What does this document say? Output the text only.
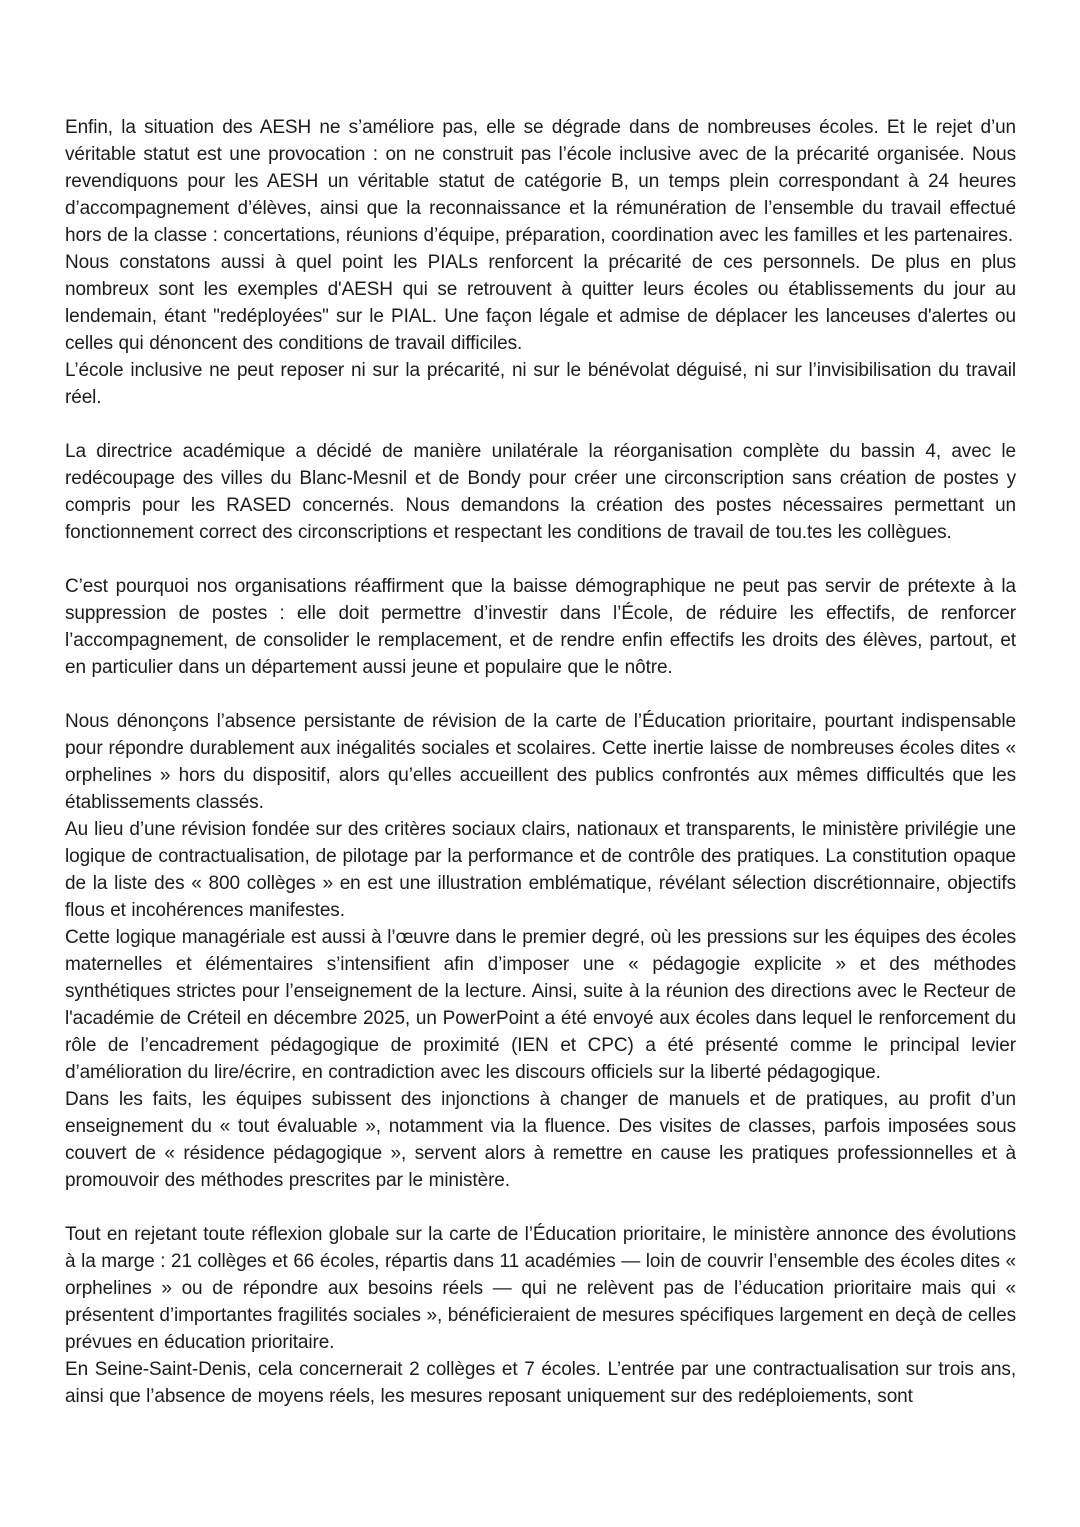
Enfin, la situation des AESH ne s’améliore pas, elle se dégrade dans de nombreuses écoles. Et le rejet d’un véritable statut est une provocation : on ne construit pas l’école inclusive avec de la précarité organisée. Nous revendiquons pour les AESH un véritable statut de catégorie B, un temps plein correspondant à 24 heures d’accompagnement d’élèves, ainsi que la reconnaissance et la rémunération de l’ensemble du travail effectué hors de la classe : concertations, réunions d’équipe, préparation, coordination avec les familles et les partenaires.

Nous constatons aussi à quel point les PIALs renforcent la précarité de ces personnels. De plus en plus nombreux sont les exemples d'AESH qui se retrouvent à quitter leurs écoles ou établissements du jour au lendemain, étant "redéployées" sur le PIAL. Une façon légale et admise de déplacer les lanceuses d'alertes ou celles qui dénoncent des conditions de travail difficiles.

L’école inclusive ne peut reposer ni sur la précarité, ni sur le bénévolat déguisé, ni sur l’invisibilisation du travail réel.

La directrice académique a décidé de manière unilatérale la réorganisation complète du bassin 4, avec le redécoupage des villes du Blanc-Mesnil et de Bondy pour créer une circonscription sans création de postes y compris pour les RASED concernés. Nous demandons la création des postes nécessaires permettant un fonctionnement correct des circonscriptions et respectant les conditions de travail de tou.tes les collègues.

C’est pourquoi nos organisations réaffirment que la baisse démographique ne peut pas servir de prétexte à la suppression de postes : elle doit permettre d’investir dans l’École, de réduire les effectifs, de renforcer l’accompagnement, de consolider le remplacement, et de rendre enfin effectifs les droits des élèves, partout, et en particulier dans un département aussi jeune et populaire que le nôtre.

Nous dénonçons l’absence persistante de révision de la carte de l’Éducation prioritaire, pourtant indispensable pour répondre durablement aux inégalités sociales et scolaires. Cette inertie laisse de nombreuses écoles dites « orphelines » hors du dispositif, alors qu’elles accueillent des publics confrontés aux mêmes difficultés que les établissements classés.

Au lieu d’une révision fondée sur des critères sociaux clairs, nationaux et transparents, le ministère privilégie une logique de contractualisation, de pilotage par la performance et de contrôle des pratiques. La constitution opaque de la liste des « 800 collèges » en est une illustration emblématique, révélant sélection discrétionnaire, objectifs flous et incohérences manifestes.

Cette logique managériale est aussi à l’œuvre dans le premier degré, où les pressions sur les équipes des écoles maternelles et élémentaires s’intensifient afin d’imposer une « pédagogie explicite » et des méthodes synthétiques strictes pour l’enseignement de la lecture. Ainsi, suite à la réunion des directions avec le Recteur de l'académie de Créteil en décembre 2025, un PowerPoint a été envoyé aux écoles dans lequel le renforcement du rôle de l’encadrement pédagogique de proximité (IEN et CPC) a été présenté comme le principal levier d’amélioration du lire/écrire, en contradiction avec les discours officiels sur la liberté pédagogique.

Dans les faits, les équipes subissent des injonctions à changer de manuels et de pratiques, au profit d’un enseignement du « tout évaluable », notamment via la fluence. Des visites de classes, parfois imposées sous couvert de « résidence pédagogique », servent alors à remettre en cause les pratiques professionnelles et à promouvoir des méthodes prescrites par le ministère.

Tout en rejetant toute réflexion globale sur la carte de l’Éducation prioritaire, le ministère annonce des évolutions à la marge : 21 collèges et 66 écoles, répartis dans 11 académies — loin de couvrir l’ensemble des écoles dites « orphelines » ou de répondre aux besoins réels — qui ne relèvent pas de l’éducation prioritaire mais qui « présentent d’importantes fragilités sociales », bénéficieraient de mesures spécifiques largement en deçà de celles prévues en éducation prioritaire.

En Seine-Saint-Denis, cela concernerait 2 collèges et 7 écoles. L’entrée par une contractualisation sur trois ans, ainsi que l’absence de moyens réels, les mesures reposant uniquement sur des redéploiements, sont
